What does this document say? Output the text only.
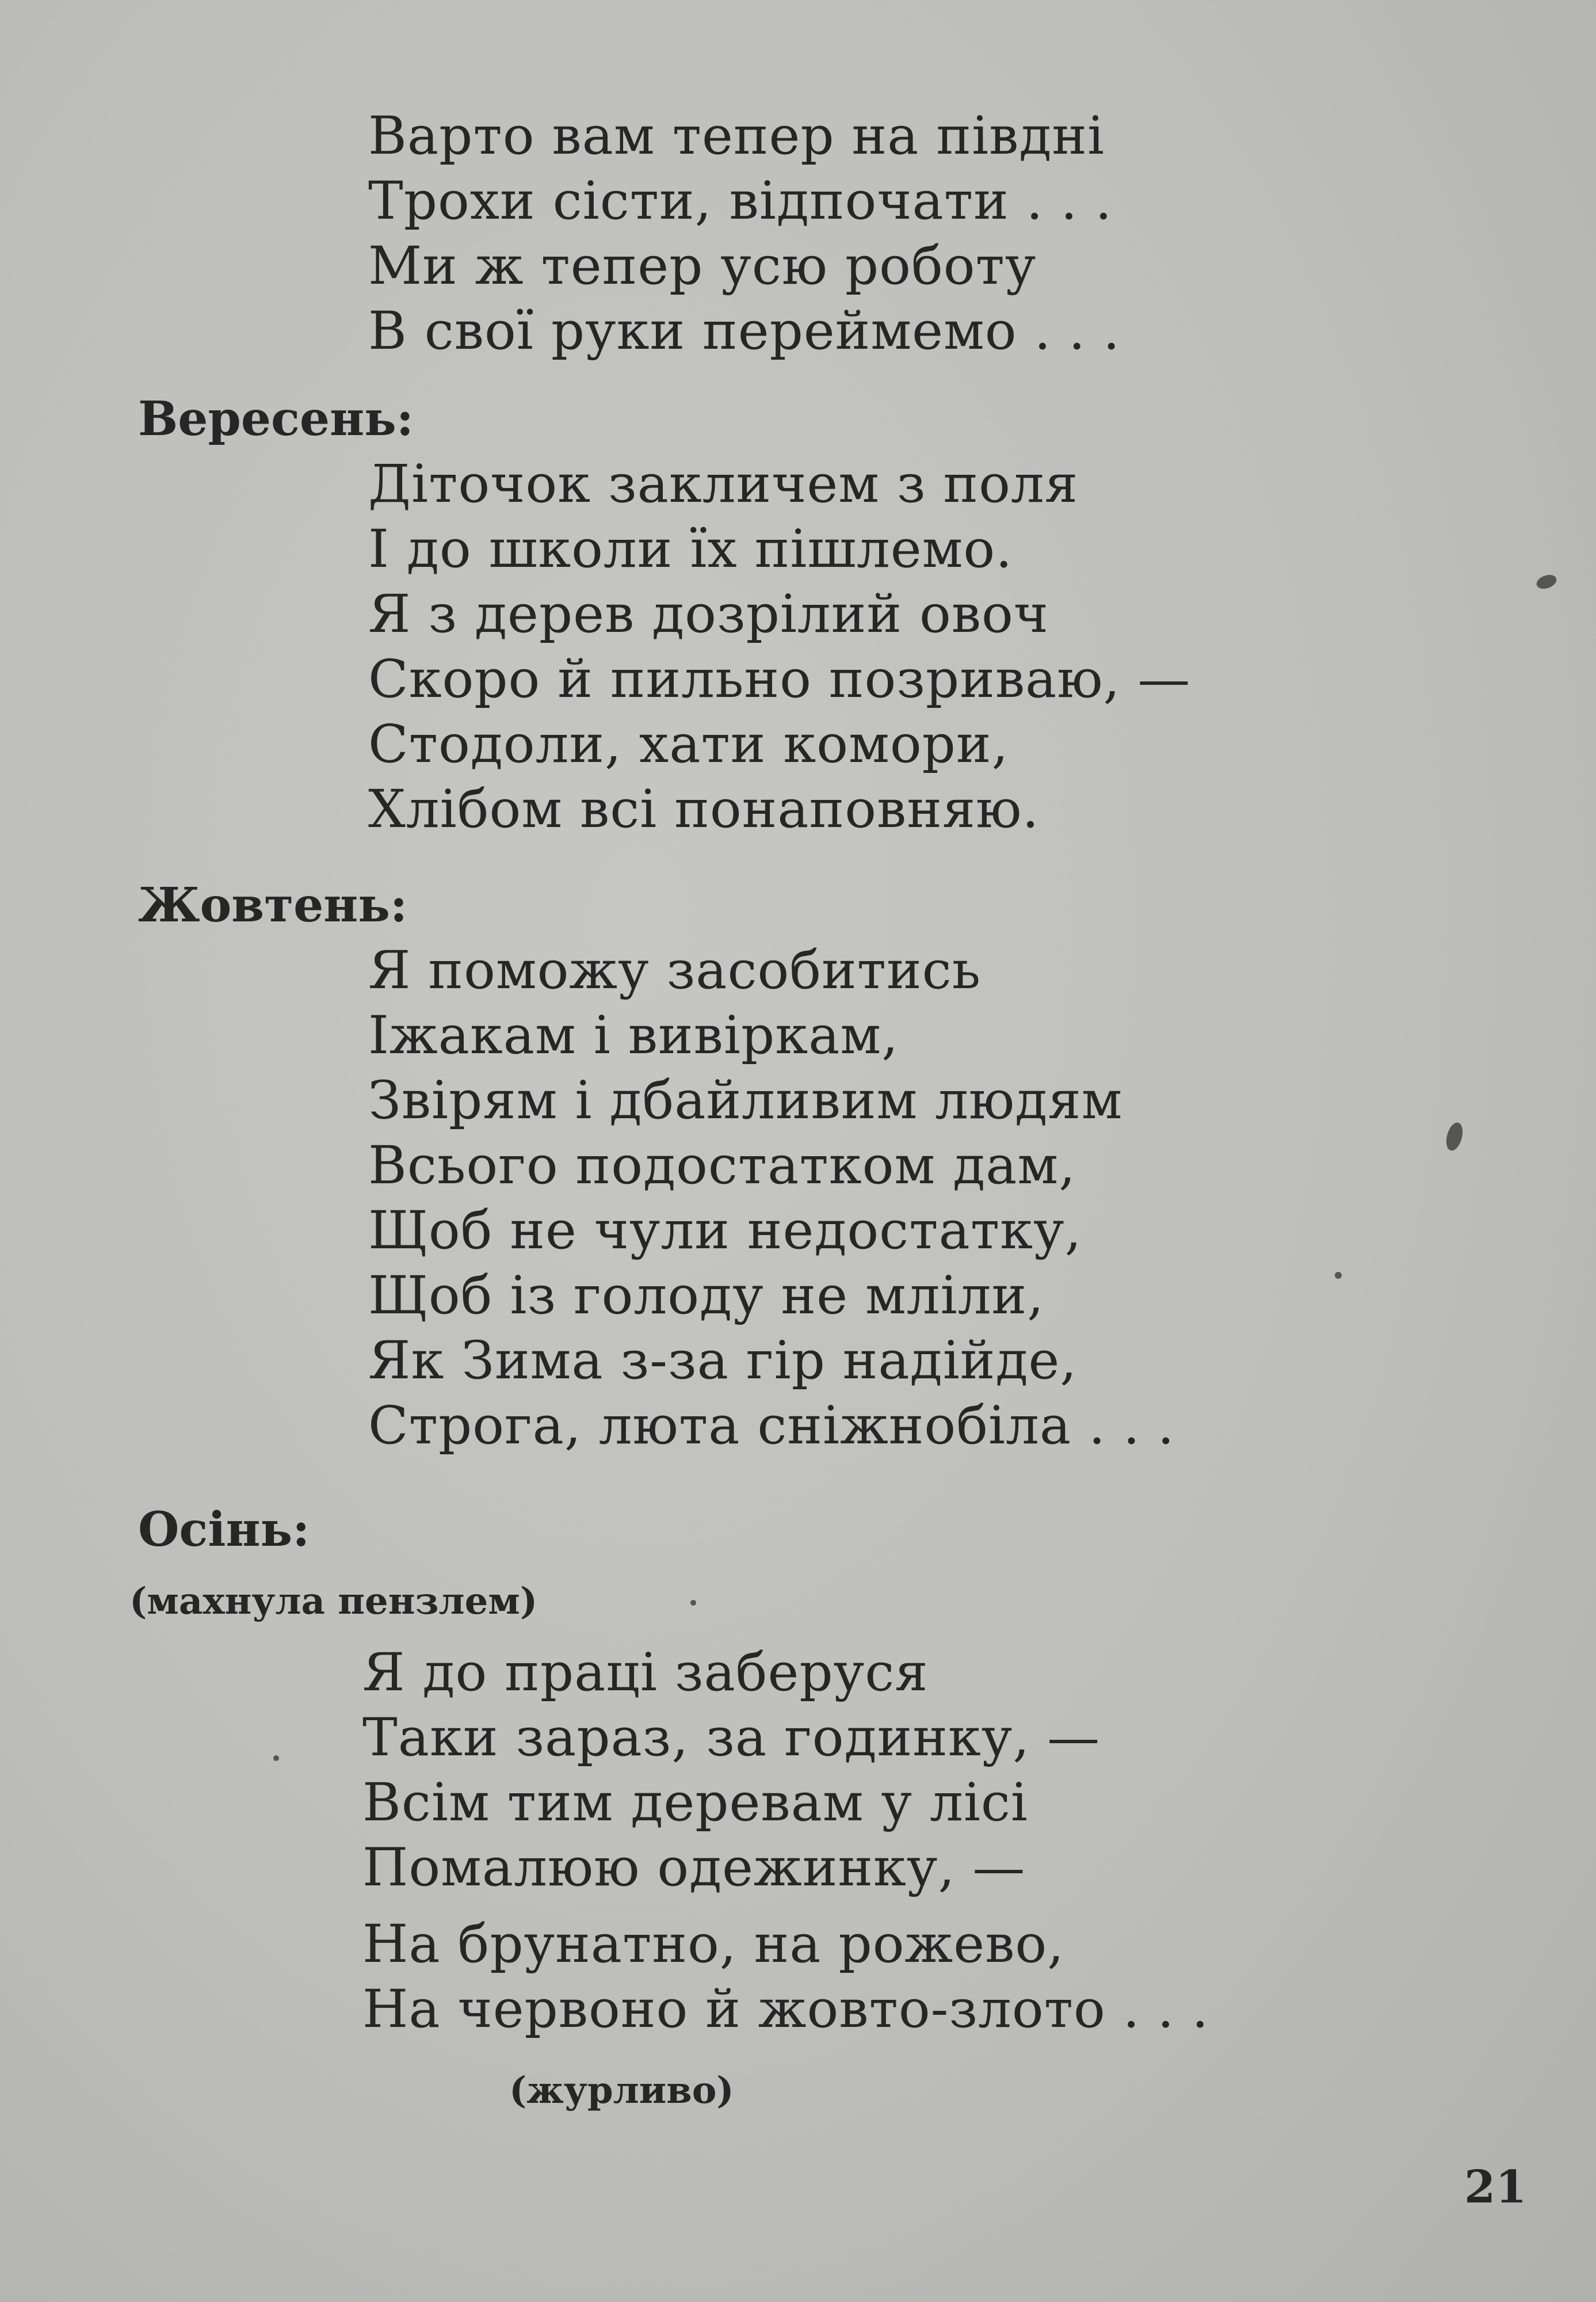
Варто вам тепер на півдні
Трохи сісти, відпочати . . .
Ми ж тепер усю роботу
В свої руки переймемо . . .
Вересень:
Діточок закличем з поля
І до школи їх пішлемо.
Я з дерев дозрілий овоч
Скоро й пильно позриваю, —
Стодоли, хати комори,
Хлібом всі понаповняю.
Жовтень:
Я поможу засобитись
Іжакам і вивіркам,
Звірям і дбайливим людям
Всього подостатком дам,
Щоб не чули недостатку,
Щоб із голоду не мліли,
Як Зима з-за гір надійде,
Строга, люта сніжнобіла . . .
Осінь:
(махнула пензлем)
Я до праці заберуся
Таки зараз, за годинку, —
Всім тим деревам у лісі
Помалюю одежинку, —
На брунатно, на рожево,
На червоно й жовто-злото . . .
(журливо)
21
